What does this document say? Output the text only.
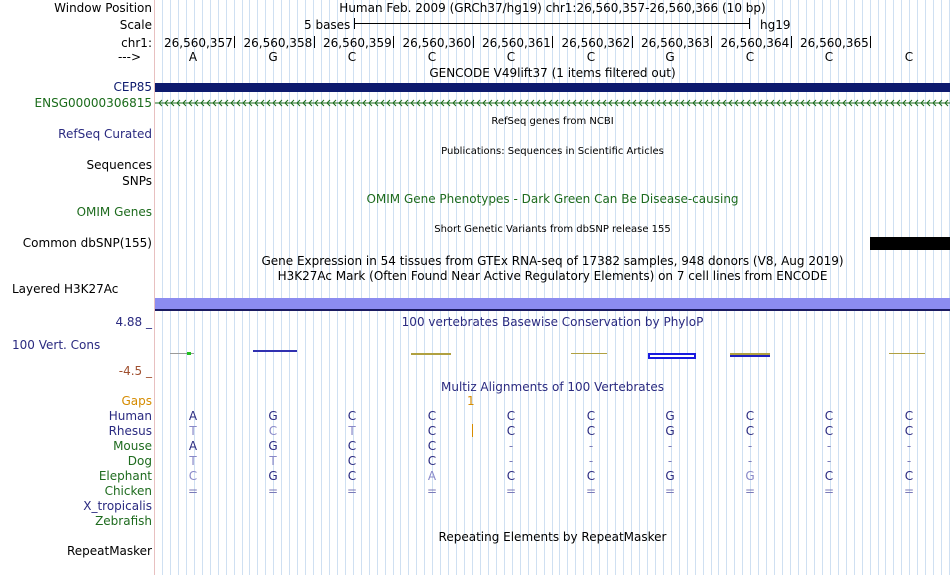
Window Position
Scale
chr1:
--->
CEP85
ENSG00000306815
RefSeq Curated
Sequences
SNPs
OMIM Genes
Common dbSNP(155)
Layered H3K27Ac
4.88 _
100 Vert. Cons
-4.5 _
Gaps
Human
Rhesus
Mouse
Dog
Elephant
Chicken
X_tropicalis
Zebrafish
RepeatMasker
Human Feb. 2009 (GRCh37/hg19) chr1:26,560,357-26,560,366 (10 bp)
5 bases	hg19
26,560,357 26,560,358 26,560,359 26,560,360 26,560,361 26,560,362 26,560,363 26,560,364 26,560,365
A	G	C	C	C	C	G	C	C	C
GENCODE V49lift37 (1 items filtered out)
RefSeq genes from NCBI
Publications: Sequences in Scientific Articles
OMIM Gene Phenotypes - Dark Green Can Be Disease-causing
Short Genetic Variants from dbSNP release 155
Gene Expression in 54 tissues from GTEx RNA-seq of 17382 samples, 948 donors (V8, Aug 2019)
H3K27Ac Mark (Often Found Near Active Regulatory Elements) on 7 cell lines from ENCODE
100 vertebrates Basewise Conservation by PhyloP
Multiz Alignments of 100 Vertebrates
1
A	G	C	C	C	C	G	C	C	C
T	C	T	C	C	C	G	C	C	C
A	G	C	C	-	-	-	-	-	-
T	T	C	C	-	-	-	-	-	-
C	G	C	A	C	C	G	G	C	C
=	=	=	=	=	=	=	=	=	=
Repeating Elements by RepeatMasker
